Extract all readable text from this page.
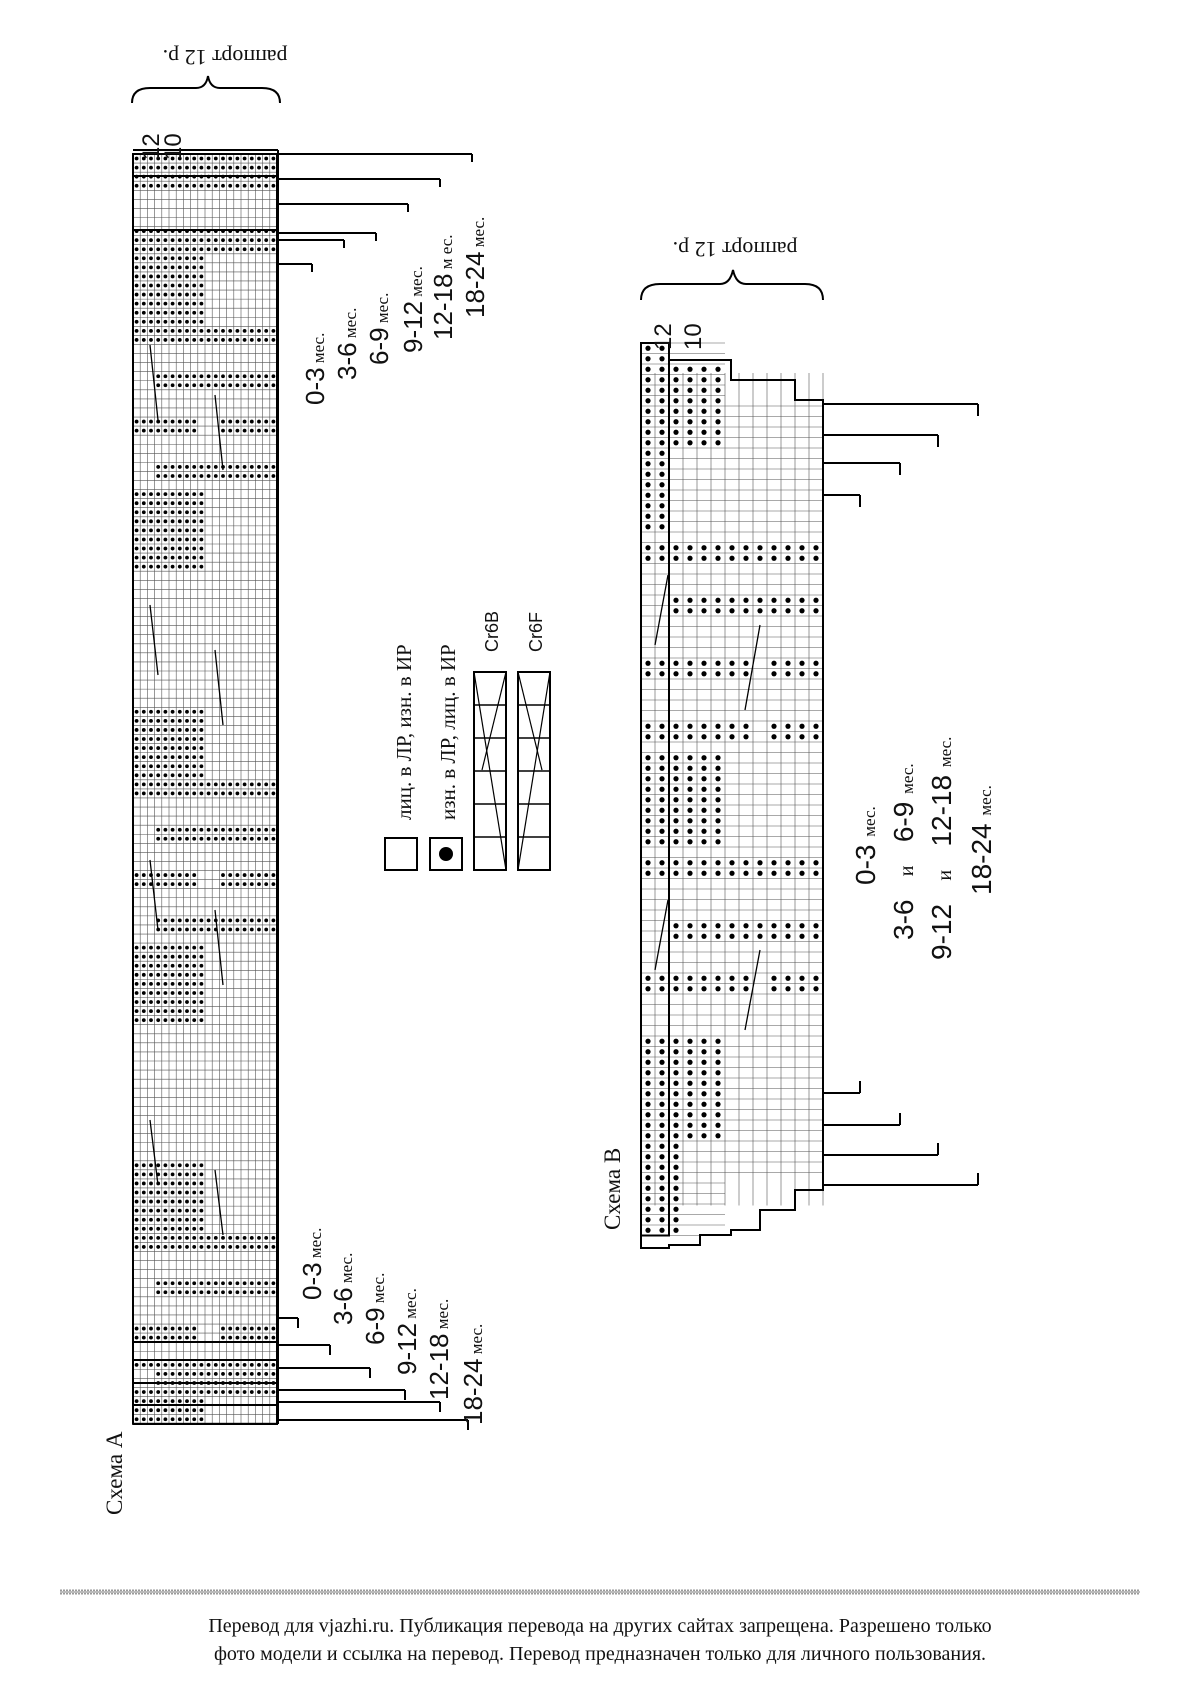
раппорт 12 р.
12
10
Схема А
0-3 мес. 3-6 мес.
6-9 мес. 9-12 мес. 12-18 м ес. 18-24 мес.
0-3 мес.
3-6 мес.
6-9 мес.
9-12 мес.
12-18 мес.
18-24 мес.
раппорт 12 р.
12 10
Схема В
0-3 мес.
3-6   и   6-9 мес.
9-12   и   12-18 мес.
18-24 мес.
лиц. в ЛР, изн. в ИР изн. в ЛР, лиц. в ИР
Cr6B Cr6F
Перевод для vjazhi.ru. Публикация перевода на других сайтах запрещена. Разрешено только
фото модели и ссылка на перевод. Перевод предназначен только для личного пользования.
